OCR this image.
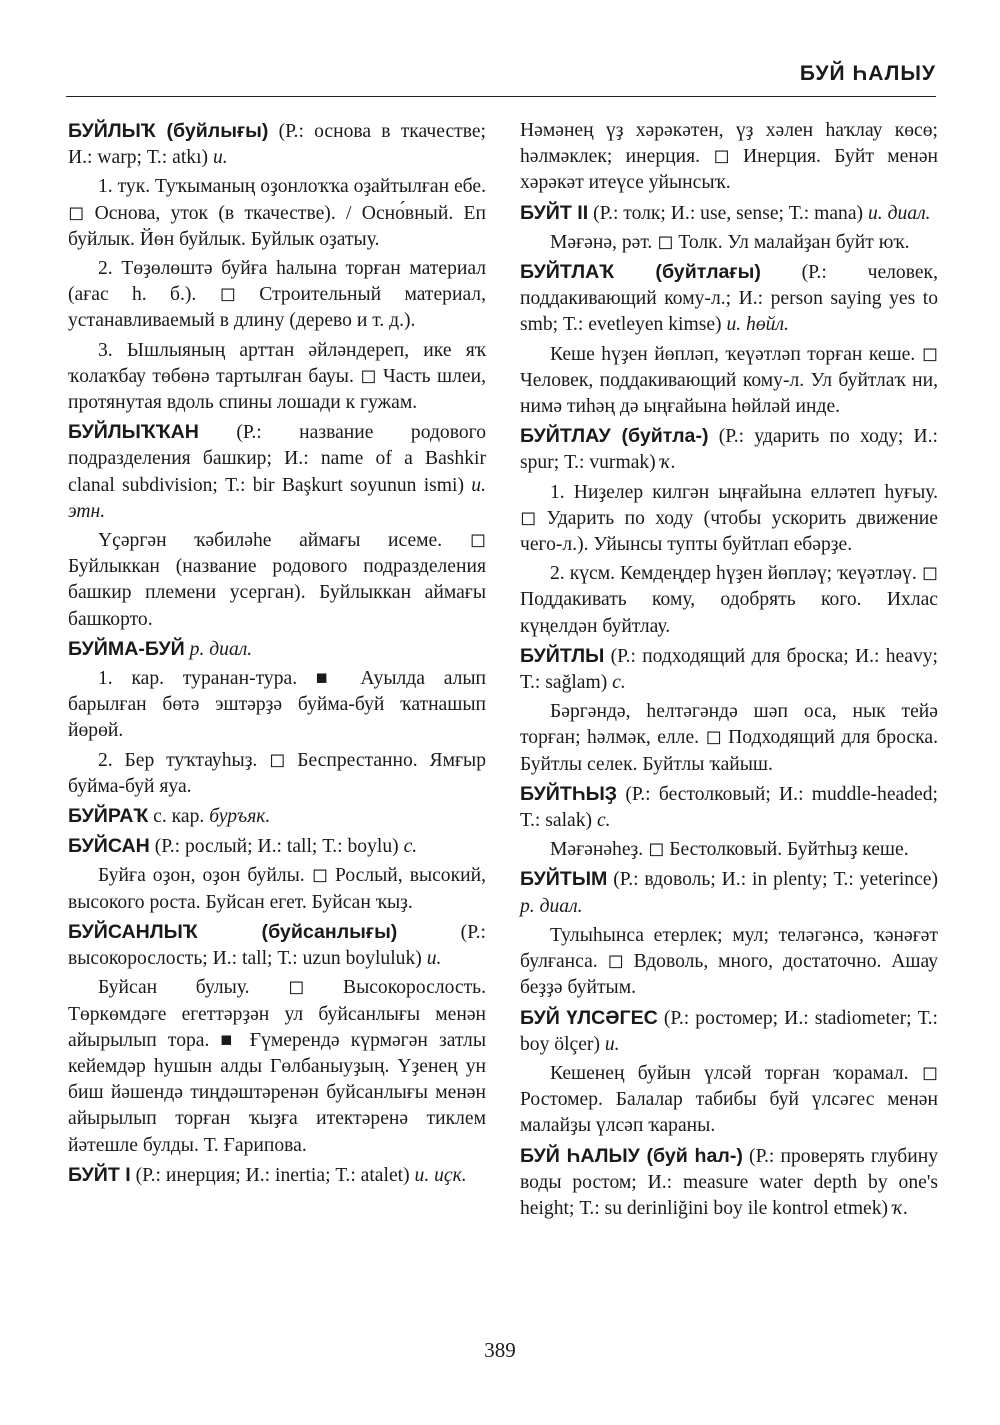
БУЙ ҺАЛЫУ

БУЙЛЫҠ (буйлығы) (Р.: основа в ткачестве; И.: warp; Т.: atkı) и.

1. тук. Туҡыманың оҙонлоҡҡа оҙайтылған ебе. ◻ Основа, уток (в ткачестве). / Осно́вный. Еп буйлык. Йөн буйлык. Буйлык оҙатыу.

2. Төҙөлөштә буйға һалына торған материал (ағас һ. б.). ◻ Строительный материал, устанавливаемый в длину (дерево и т. д.).

3. Ышлыяның арттан әйләндереп, ике яҡ ҡолаҡбау төбөнә тартылған бауы. ◻ Часть шлеи, протянутая вдоль спины лошади к гужам.

БУЙЛЫҠҠАН (Р.: название родового подразделения башкир; И.: name of a Bashkir clanal subdivision; Т.: bir Başkurt soyunun ismi) и. этн.

Үҫәргән ҡәбиләһе аймағы исеме. ◻ Буйлыккан (название родового подразделения башкир племени усерган). Буйлыккан аймағы башкорто.

БУЙМА-БУЙ р. диал.

1. кар. туранан-тура. ■ Ауылда алып барылған бөтә эштәрҙә буйма-буй ҡатнашып йөрөй.

2. Бер туҡтауһыҙ. ◻ Беспрестанно. Ямғыр буйма-буй яуа.

БУЙРАҠ с. кар. буръяк.

БУЙСАН (Р.: рослый; И.: tall; Т.: boylu) с.

Буйға оҙон, оҙон буйлы. ◻ Рослый, высокий, высокого роста. Буйсан егет. Буйсан ҡыҙ.

БУЙСАНЛЫҠ (буйсанлығы) (Р.: высокорослость; И.: tall; Т.: uzun boyluluk) и.

Буйсан булыу. ◻ Высокорослость. Төркөмдәге егеттәрҙән ул буйсанлығы менән айырылып тора. ■ Ғүмерендә күрмәгән затлы кейемдәр һушын алды Гөлбаныуҙың. Үҙенең ун биш йәшендә тиңдәштәренән буйсанлығы менән айырылып торған ҡыҙға итектәренә тиклем йәтешле булды. Т. Ғарипова.

БУЙТ І (Р.: инерция; И.: inertia; Т.: atalet) и. иҫк.

Нәмәнең үҙ хәрәкәтен, үҙ хәлен һаҡлау көсө; һәлмәклек; инерция. ◻ Инерция. Буйт менән хәрәкәт итеүсе уйынсыҡ.

БУЙТ ІІ (Р.: толк; И.: use, sense; Т.: mana) и. диал.

Мәғәнә, рәт. ◻ Толк. Ул малайҙан буйт юҡ.

БУЙТЛАҠ (буйтлағы) (Р.: человек, поддакивающий кому-л.; И.: person saying yes to smb; Т.: evetleyen kimse) и. һөйл.

Кеше һүҙен йөпләп, ҡеүәтләп торған кеше. ◻ Человек, поддакивающий кому-л. Ул буйтлаҡ ни, нимә тиһәң дә ыңғайына һөйләй инде.

БУЙТЛАУ (буйтла-) (Р.: ударить по ходу; И.: spur; Т.: vurmak) ҡ.

1. Ниҙелер килгән ыңғайына елләтеп һуғыу. ◻ Ударить по ходу (чтобы ускорить движение чего-л.). Уйынсы тупты буйтлап ебәрҙе.

2. күсм. Кемдеңдер һүҙен йөпләү; ҡеүәтләү. ◻ Поддакивать кому, одобрять кого. Ихлас күңелдән буйтлау.

БУЙТЛЫ (Р.: подходящий для броска; И.: heavy; Т.: sağlam) с.

Бәргәндә, һелтәгәндә шәп оса, нык тейә торған; һәлмәк, елле. ◻ Подходящий для броска. Буйтлы селек. Буйтлы ҡайыш.

БУЙТҺЫҘ (Р.: бестолковый; И.: muddle-headed; Т.: salak) с.

Мәғәнәһеҙ. ◻ Бестолковый. Буйтһыҙ кеше.

БУЙТЫМ (Р.: вдоволь; И.: in plenty; Т.: yeterince) р. диал.

Тулыһынса етерлек; мул; теләгәнсә, ҡәнәғәт булғанса. ◻ Вдоволь, много, достаточно. Ашау беҙҙә буйтым.

БУЙ ҮЛСӘГЕС (Р.: ростомер; И.: stadiometer; Т.: boy ölçer) и.

Кешенең буйын үлсәй торған ҡорамал. ◻ Ростомер. Балалар табибы буй үлсәгес менән малайҙы үлсәп ҡараны.

БУЙ ҺАЛЫУ (буй һал-) (Р.: проверять глубину воды ростом; И.: measure water depth by one's height; Т.: su derinliğini boy ile kontrol etmek) ҡ.

389
